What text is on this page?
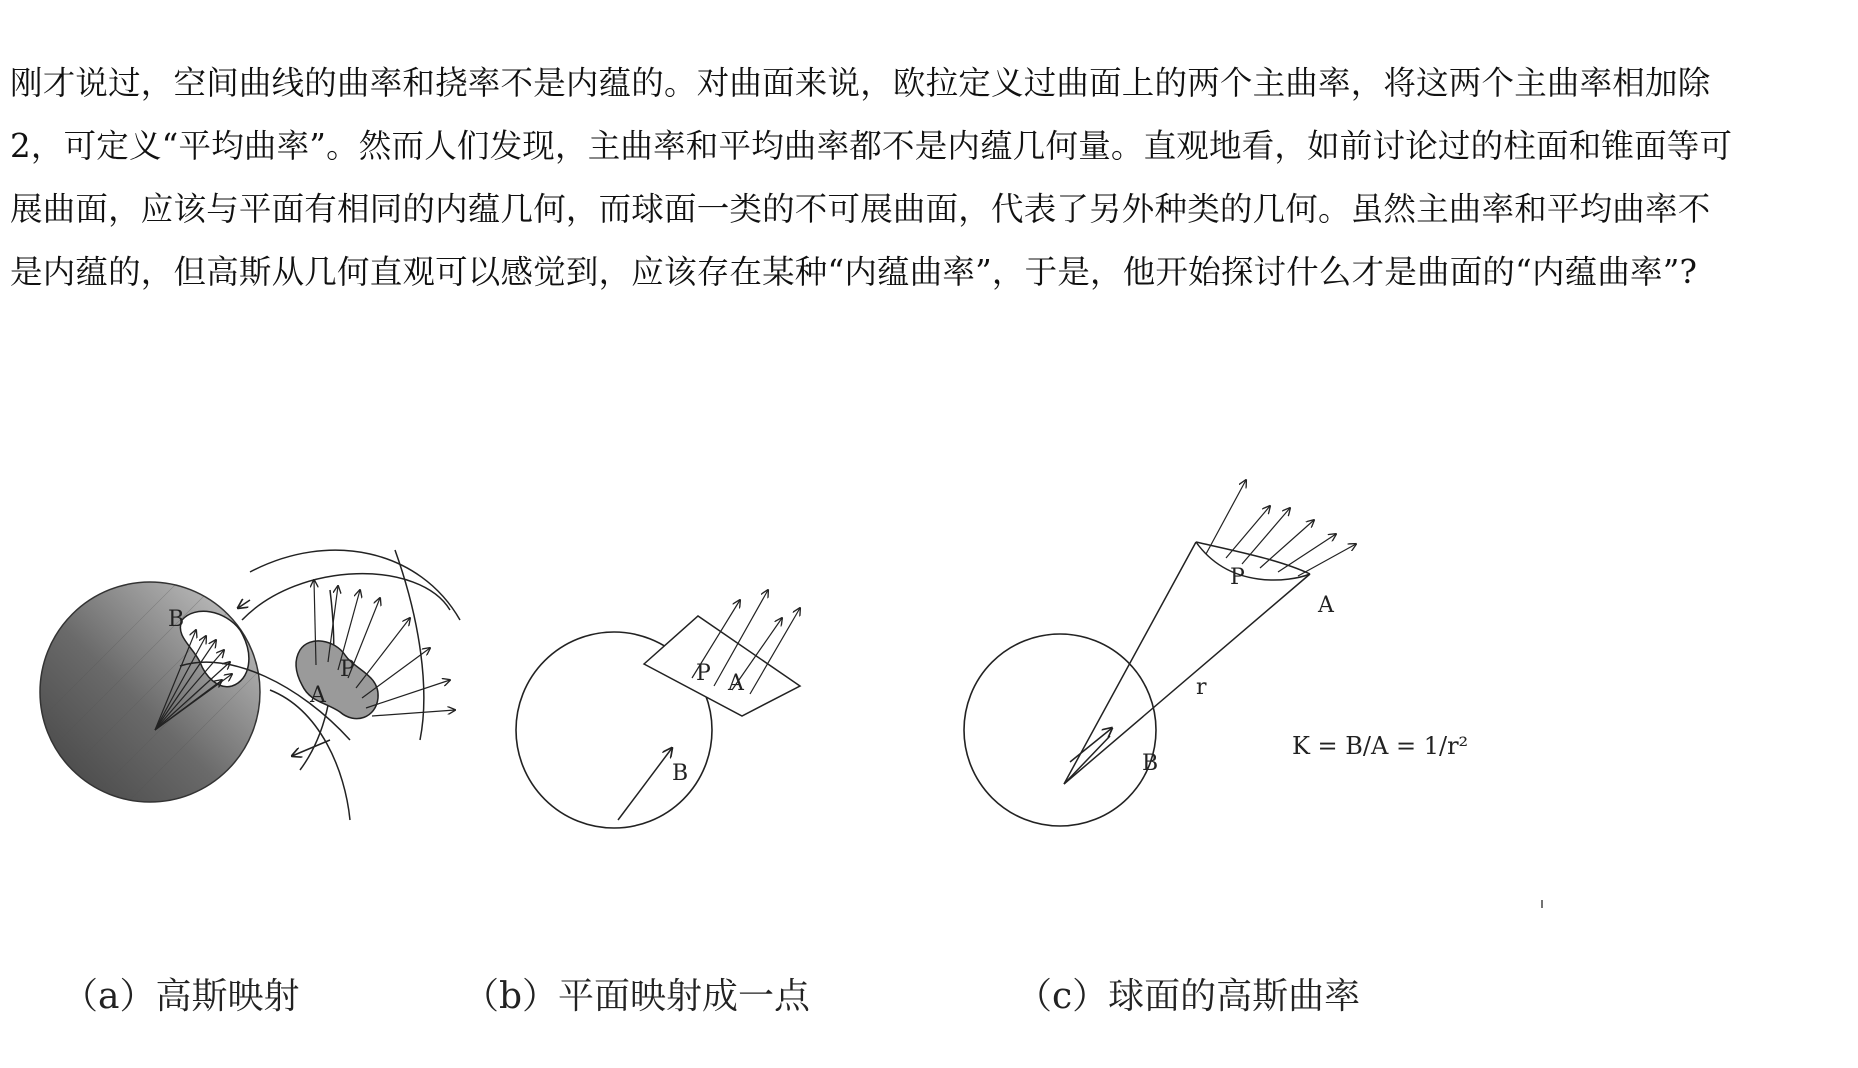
刚才说过，空间曲线的曲率和挠率不是内蕴的。对曲面来说，欧拉定义过曲面上的两个主曲率，将这两个主曲率相加除
2，可定义“平均曲率”。然而人们发现，主曲率和平均曲率都不是内蕴几何量。直观地看，如前讨论过的柱面和锥面等可
展曲面，应该与平面有相同的内蕴几何，而球面一类的不可展曲面，代表了另外种类的几何。虽然主曲率和平均曲率不
是内蕴的，但高斯从几何直观可以感觉到，应该存在某种“内蕴曲率”，于是，他开始探讨什么才是曲面的“内蕴曲率”?
B
A
P
B
P A
P
A
r
B
K = B/A = 1/r²
（a）高斯映射	（b）平面映射成一点	（c）球面的高斯曲率
